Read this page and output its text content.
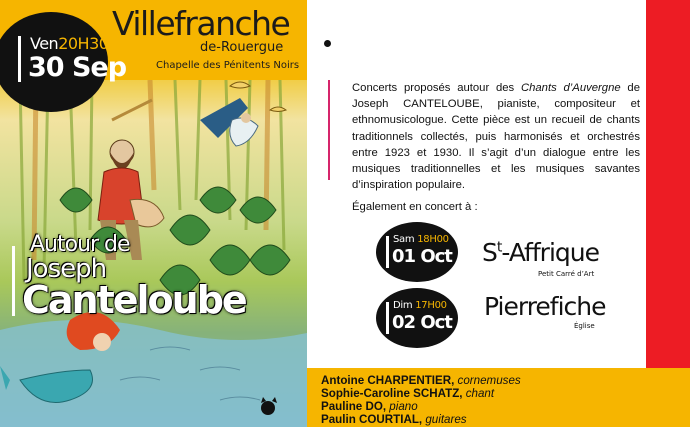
Ven20H30
30 Sep
Villefranche
de-Rouergue
Chapelle des Pénitents Noirs
Autour de
Joseph
Canteloube
Concerts proposés autour des Chants d’Auvergne de Joseph CANTELOUBE, pianiste, compositeur et ethnomusicologue. Cette pièce est un recueil de chants traditionnels collectés, puis harmonisés et orchestrés entre 1923 et 1930. Il s’agit d’un dialogue entre les musiques traditionnelles et les musiques savantes d’inspiration populaire.
Également en concert à :
Sam 18H00
01 Oct $S^t$-Affrique
Petit Carré d’Art
Dim 17H00
02 Oct
Pierrefiche
Église
Antoine CHARPENTIER, cornemuses
Sophie-Caroline SCHATZ, chant
Pauline DO, piano
Paulin COURTIAL, guitares
